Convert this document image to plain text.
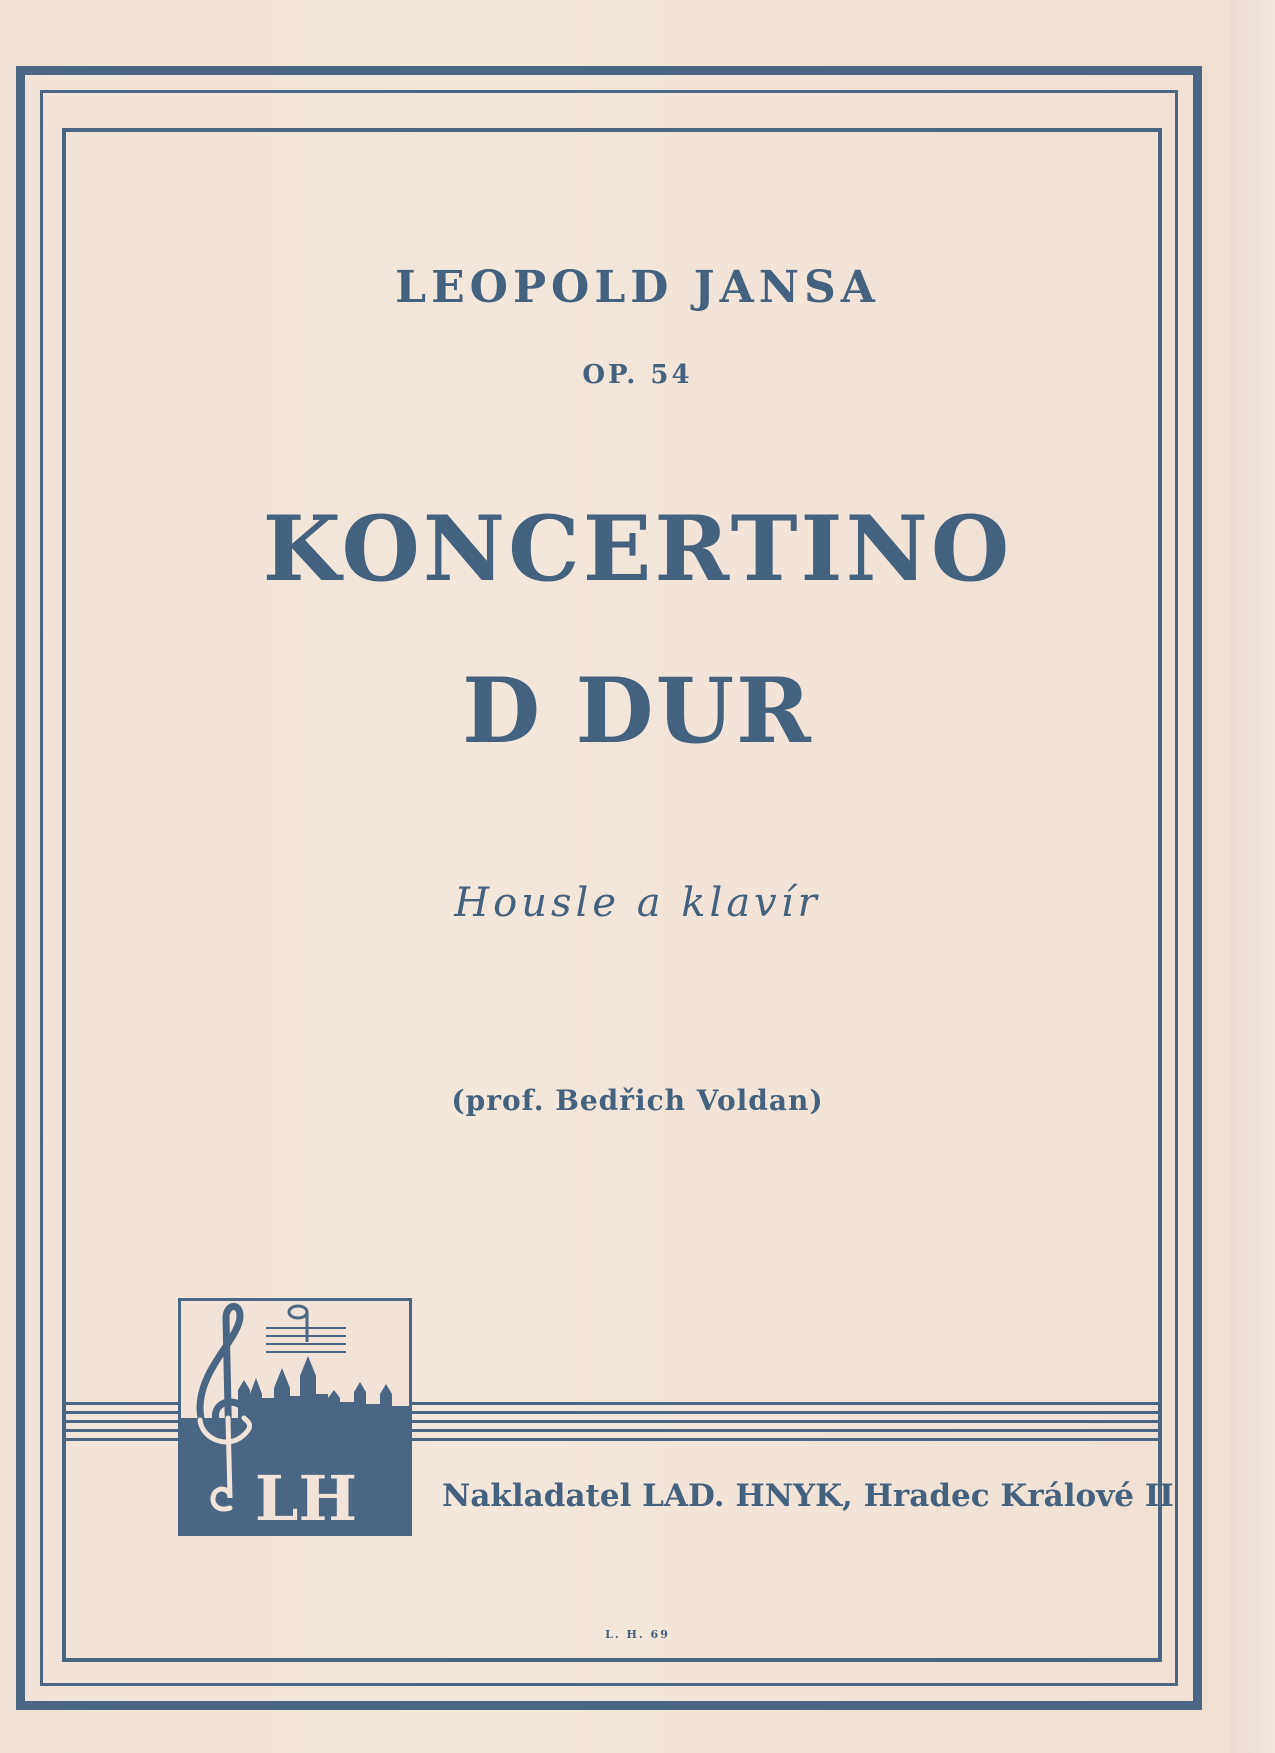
LEOPOLD JANSA
OP. 54
KONCERTINO
D DUR
Housle a klavír
(prof. Bedřich Voldan)
LH	Nakladatel LAD. HNYK, Hradec Králové II
L. H. 69
